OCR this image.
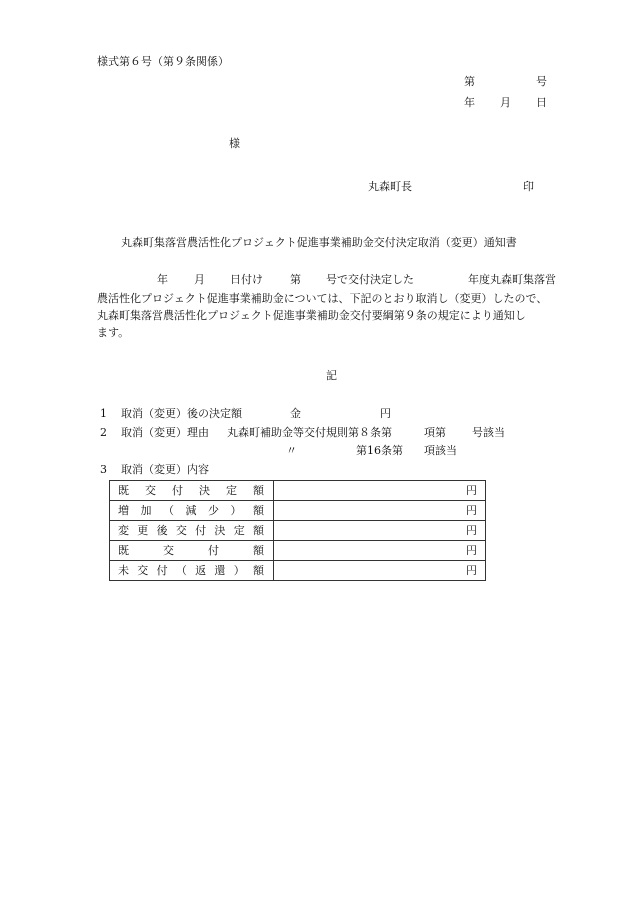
様式第６号（第９条関係）
第	号
年 月 日
様
丸森町長	印
丸森町集落営農活性化プロジェクト促進事業補助金交付決定取消（変更）通知書
年 月 日付け 第 号で交付決定した	年度丸森町集落営
農活性化プロジェクト促進事業補助金については、下記のとおり取消し（変更）したので、
丸森町集落営農活性化プロジェクト促進事業補助金交付要綱第９条の規定により通知し
ます。
記
1 取消（変更）後の決定額	金	円
2 取消（変更）理由 丸森町補助金等交付規則第８条第	項第 号該当
〃	第16条第 項該当
3 取消（変更）内容
既交付決定額	円

増加（減少）額	円

変更後交付決定額	円

既交付額	円

未交付（返還）額	円
